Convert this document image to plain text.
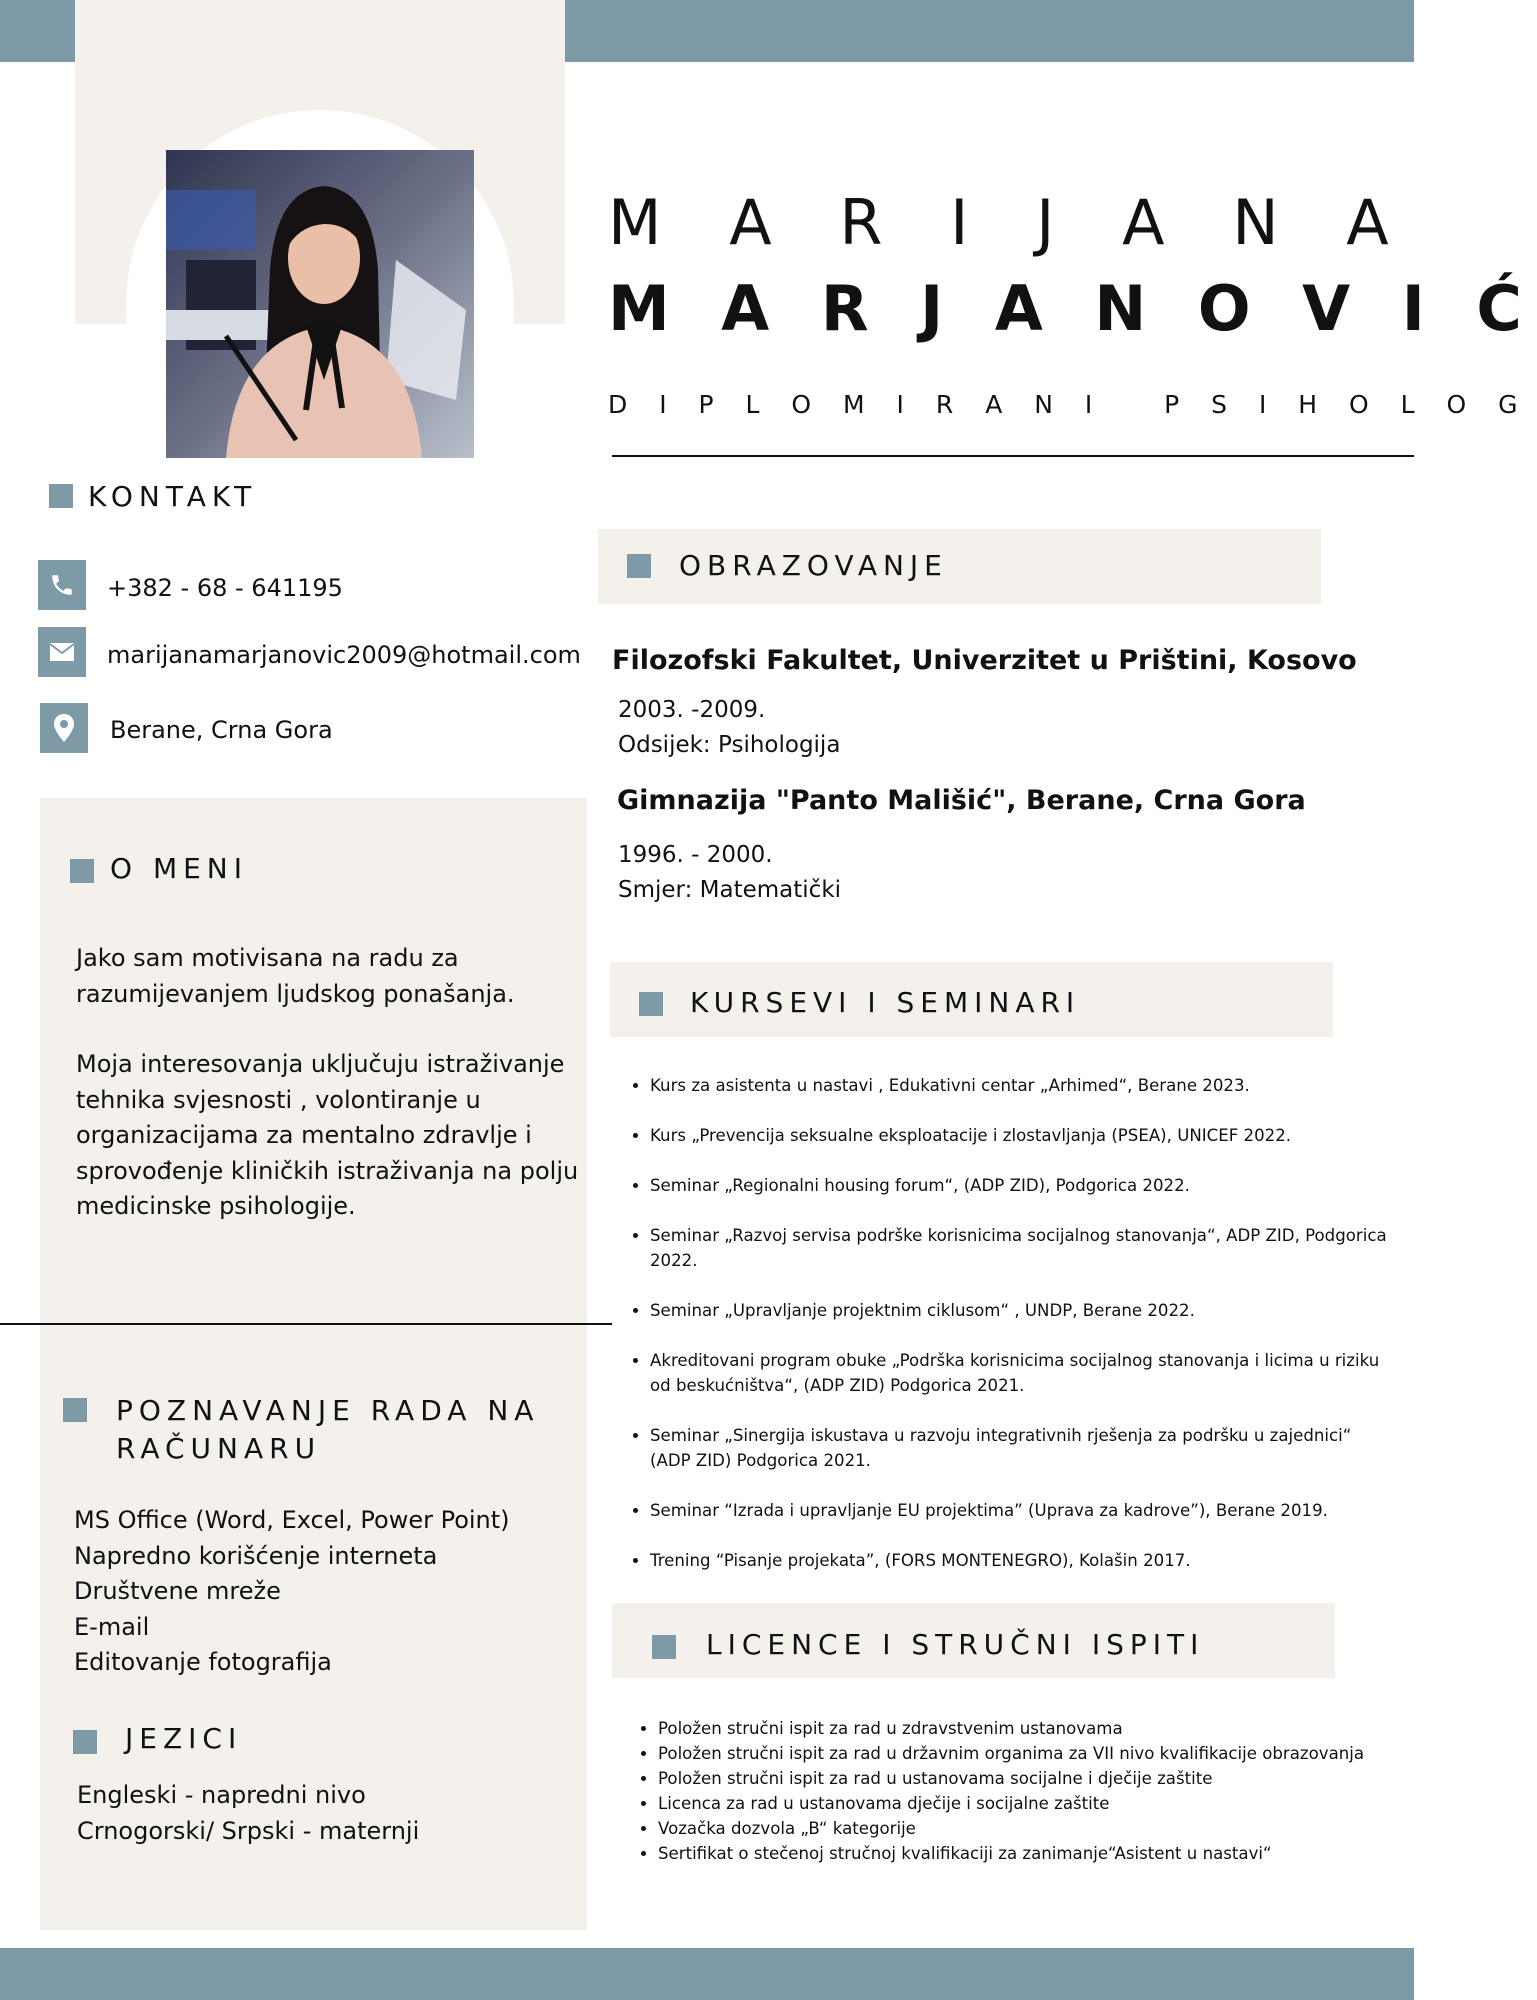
M A R I J A N A
M A R J A N O V I Ć
D I P L O M I R A N I   P S I H O L O G
KONTAKT
+382 - 68 - 641195
marijanamarjanovic2009@hotmail.com
Berane, Crna Gora
O MENI

Jako sam motivisana na radu za razumijevanjem ljudskog ponašanja.

Moja interesovanja uključuju istraživanje tehnika svjesnosti , volontiranje u organizacijama za mentalno zdravlje i sprovođenje kliničkih istraživanja na polju medicinske psihologije.

POZNAVANJE RADA NA
RAČUNARU
MS Office (Word, Excel, Power Point)
Napredno korišćenje interneta
Društvene mreže
E-mail
Editovanje fotografija
JEZICI
Engleski - napredni nivo
Crnogorski/ Srpski - maternji
OBRAZOVANJE
Filozofski Fakultet, Univerzitet u Prištini, Kosovo
2003. -2009.
Odsijek: Psihologija
Gimnazija "Panto Mališić", Berane, Crna Gora
1996. - 2000.
Smjer: Matematički
KURSEVI I SEMINARI
• Kurs za asistenta u nastavi , Edukativni centar „Arhimed“, Berane 2023.
• Kurs „Prevencija seksualne eksploatacije i zlostavljanja (PSEA), UNICEF 2022.
• Seminar „Regionalni housing forum“, (ADP ZID), Podgorica 2022.
• Seminar „Razvoj servisa podrške korisnicima socijalnog stanovanja“, ADP ZID, Podgorica 2022.
• Seminar „Upravljanje projektnim ciklusom“ , UNDP, Berane 2022.
• Akreditovani program obuke „Podrška korisnicima socijalnog stanovanja i licima u riziku od beskućništva“, (ADP ZID) Podgorica 2021.
• Seminar „Sinergija iskustava u razvoju integrativnih rješenja za podršku u zajednici“ (ADP ZID) Podgorica 2021.
• Seminar “Izrada i upravljanje EU projektima” (Uprava za kadrove”), Berane 2019.
• Trening “Pisanje projekata”, (FORS MONTENEGRO), Kolašin 2017.
LICENCE I STRUČNI ISPITI
• Položen stručni ispit za rad u zdravstvenim ustanovama
• Položen stručni ispit za rad u državnim organima za VII nivo kvalifikacije obrazovanja
• Položen stručni ispit za rad u ustanovama socijalne i dječije zaštite
• Licenca za rad u ustanovama dječije i socijalne zaštite
• Vozačka dozvola „B“ kategorije
• Sertifikat o stečenoj stručnoj kvalifikaciji za zanimanje“Asistent u nastavi“
